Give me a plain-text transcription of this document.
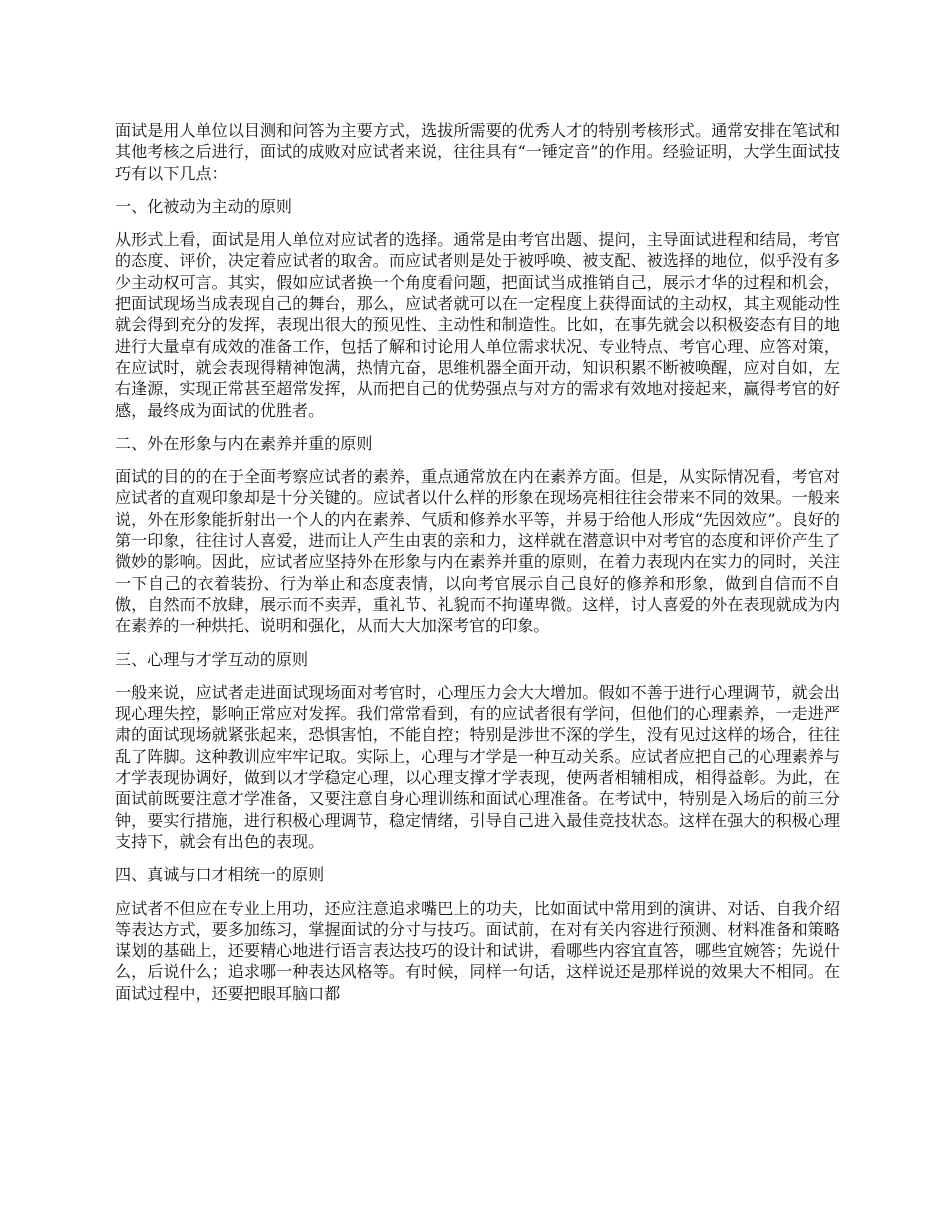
面试是用人单位以目测和问答为主要方式，选拔所需要的优秀人才的特别考核形式。通常安排在笔试和其他考核之后进行，面试的成败对应试者来说，往往具有“一锤定音”的作用。经验证明，大学生面试技巧有以下几点：

一、化被动为主动的原则

从形式上看，面试是用人单位对应试者的选择。通常是由考官出题、提问，主导面试进程和结局，考官的态度、评价，决定着应试者的取舍。而应试者则是处于被呼唤、被支配、被选择的地位，似乎没有多少主动权可言。其实，假如应试者换一个角度看问题，把面试当成推销自己，展示才华的过程和机会，把面试现场当成表现自己的舞台，那么，应试者就可以在一定程度上获得面试的主动权，其主观能动性就会得到充分的发挥，表现出很大的预见性、主动性和制造性。比如，在事先就会以积极姿态有目的地进行大量卓有成效的准备工作，包括了解和讨论用人单位需求状况、专业特点、考官心理、应答对策，在应试时，就会表现得精神饱满，热情亢奋，思维机器全面开动，知识积累不断被唤醒，应对自如，左右逢源，实现正常甚至超常发挥，从而把自己的优势强点与对方的需求有效地对接起来，赢得考官的好感，最终成为面试的优胜者。

二、外在形象与内在素养并重的原则

面试的目的的在于全面考察应试者的素养，重点通常放在内在素养方面。但是，从实际情况看，考官对应试者的直观印象却是十分关键的。应试者以什么样的形象在现场亮相往往会带来不同的效果。一般来说，外在形象能折射出一个人的内在素养、气质和修养水平等，并易于给他人形成“先因效应”。良好的第一印象，往往讨人喜爱，进而让人产生由衷的亲和力，这样就在潜意识中对考官的态度和评价产生了微妙的影响。因此，应试者应坚持外在形象与内在素养并重的原则，在着力表现内在实力的同时，关注一下自己的衣着装扮、行为举止和态度表情，以向考官展示自己良好的修养和形象，做到自信而不自傲，自然而不放肆，展示而不卖弄，重礼节、礼貌而不拘谨卑微。这样，讨人喜爱的外在表现就成为内在素养的一种烘托、说明和强化，从而大大加深考官的印象。

三、心理与才学互动的原则

一般来说，应试者走进面试现场面对考官时，心理压力会大大增加。假如不善于进行心理调节，就会出现心理失控，影响正常应对发挥。我们常常看到，有的应试者很有学问，但他们的心理素养，一走进严肃的面试现场就紧张起来，恐惧害怕，不能自控；特别是涉世不深的学生，没有见过这样的场合，往往乱了阵脚。这种教训应牢牢记取。实际上，心理与才学是一种互动关系。应试者应把自己的心理素养与才学表现协调好，做到以才学稳定心理，以心理支撑才学表现，使两者相辅相成，相得益彰。为此，在面试前既要注意才学准备，又要注意自身心理训练和面试心理准备。在考试中，特别是入场后的前三分钟，要实行措施，进行积极心理调节，稳定情绪，引导自己进入最佳竞技状态。这样在强大的积极心理支持下，就会有出色的表现。

四、真诚与口才相统一的原则

应试者不但应在专业上用功，还应注意追求嘴巴上的功夫，比如面试中常用到的演讲、对话、自我介绍等表达方式，要多加练习，掌握面试的分寸与技巧。面试前，在对有关内容进行预测、材料准备和策略谋划的基础上，还要精心地进行语言表达技巧的设计和试讲，看哪些内容宜直答，哪些宜婉答；先说什么，后说什么；追求哪一种表达风格等。有时候，同样一句话，这样说还是那样说的效果大不相同。在面试过程中，还要把眼耳脑口都
